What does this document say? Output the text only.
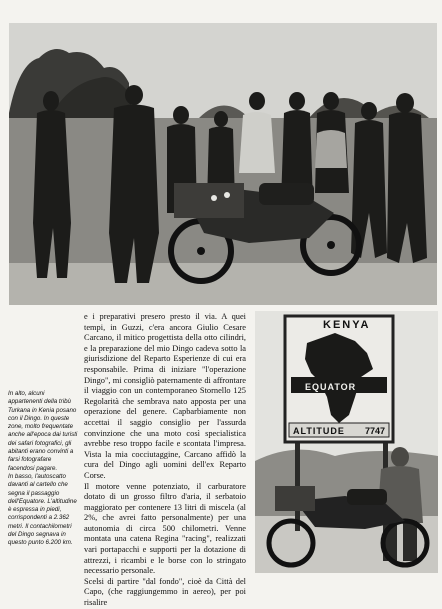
In alto, alcuni appartenenti della tribù Turkana in Kenia posano con il Dingo. In queste zone, molto frequentate anche all'epoca dai turisti dei safari fotografici, gli abitanti erano convinti a farsi fotografare facendosi pagare.

In basso, l'autoscatto davanti al cartello che segna il passaggio dell'Equatore. L'altitudine è espressa in piedi, corrispondenti a 2.362 metri. Il contachilometri del Dingo segnava in questo punto 6.200 km.

e i preparativi presero presto il via. A quei tempi, in Guzzi, c'era ancora Giulio Cesare Carcano, il mitico progettista della otto cilindri, e la preparazione del mio Dingo cadeva sotto la giurisdizione del Reparto Esperienze di cui era responsabile. Prima di iniziare "l'operazione Dingo", mi consigliò paternamente di affrontare il viaggio con un contemporaneo Stornello 125 Regolarità che sembrava nato apposta per una operazione del genere. Capbarbiamente non accettai il saggio consiglio per l'assurda convinzione che una moto così specialistica avrebbe reso troppo facile e scontata l'impresa. Vista la mia cocciutaggine, Carcano affidò la cura del Dingo agli uomini dell'ex Reparto Corse.

Il motore venne potenziato, il carburatore dotato di un grosso filtro d'aria, il serbatoio maggiorato per contenere 13 litri di miscela (al 2%, che avrei fatto personalmente) per una autonomia di circa 500 chilometri. Venne montata una catena Regina "racing", realizzati vari portapacchi e supporti per la dotazione di attrezzi, i ricambi e le borse con lo stringato necessario personale.

Scelsi di partire "dal fondo", cioè da Città del Capo, (che raggiungemmo in aereo), per poi risalire

KENYA
EQUATOR
ALTITUDE 7747
